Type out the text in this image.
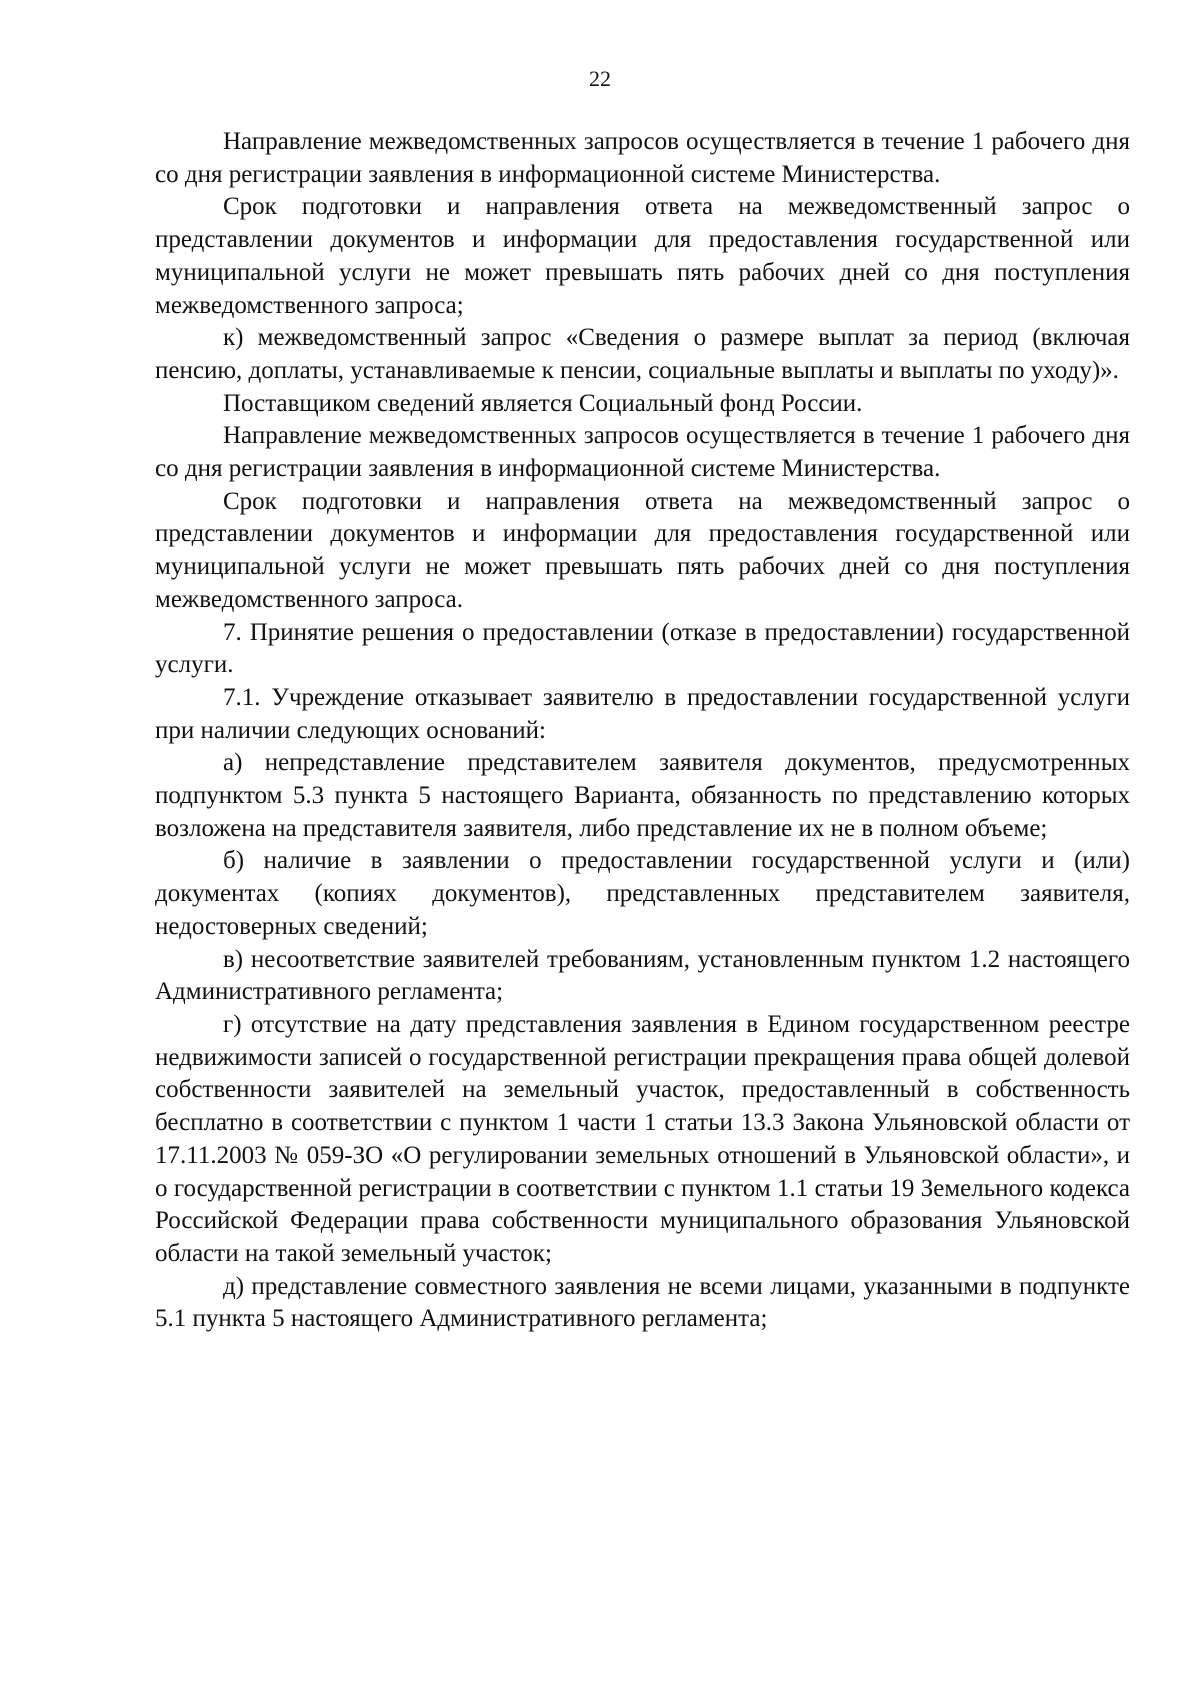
22

Направление межведомственных запросов осуществляется в течение 1 рабочего дня со дня регистрации заявления в информационной системе Министерства.

Срок подготовки и направления ответа на межведомственный запрос о представлении документов и информации для предоставления государственной или муниципальной услуги не может превышать пять рабочих дней со дня поступления межведомственного запроса;

к) межведомственный запрос «Сведения о размере выплат за период (включая пенсию, доплаты, устанавливаемые к пенсии, социальные выплаты и выплаты по уходу)».

Поставщиком сведений является Социальный фонд России.

Направление межведомственных запросов осуществляется в течение 1 рабочего дня со дня регистрации заявления в информационной системе Министерства.

Срок подготовки и направления ответа на межведомственный запрос о представлении документов и информации для предоставления государственной или муниципальной услуги не может превышать пять рабочих дней со дня поступления межведомственного запроса.

7. Принятие решения о предоставлении (отказе в предоставлении) государственной услуги.

7.1. Учреждение отказывает заявителю в предоставлении государственной услуги при наличии следующих оснований:

а) непредставление представителем заявителя документов, предусмотренных подпунктом 5.3 пункта 5 настоящего Варианта, обязанность по представлению которых возложена на представителя заявителя, либо представление их не в полном объеме;

б) наличие в заявлении о предоставлении государственной услуги и (или) документах (копиях документов), представленных представителем заявителя, недостоверных сведений;

в) несоответствие заявителей требованиям, установленным пунктом 1.2 настоящего Административного регламента;

г) отсутствие на дату представления заявления в Едином государственном реестре недвижимости записей о государственной регистрации прекращения права общей долевой собственности заявителей на земельный участок, предоставленный в собственность бесплатно в соответствии с пунктом 1 части 1 статьи 13.3 Закона Ульяновской области от 17.11.2003 № 059-ЗО «О регулировании земельных отношений в Ульяновской области», и о государственной регистрации в соответствии с пунктом 1.1 статьи 19 Земельного кодекса Российской Федерации права собственности муниципального образования Ульяновской области на такой земельный участок;

д) представление совместного заявления не всеми лицами, указанными в подпункте 5.1 пункта 5 настоящего Административного регламента;
